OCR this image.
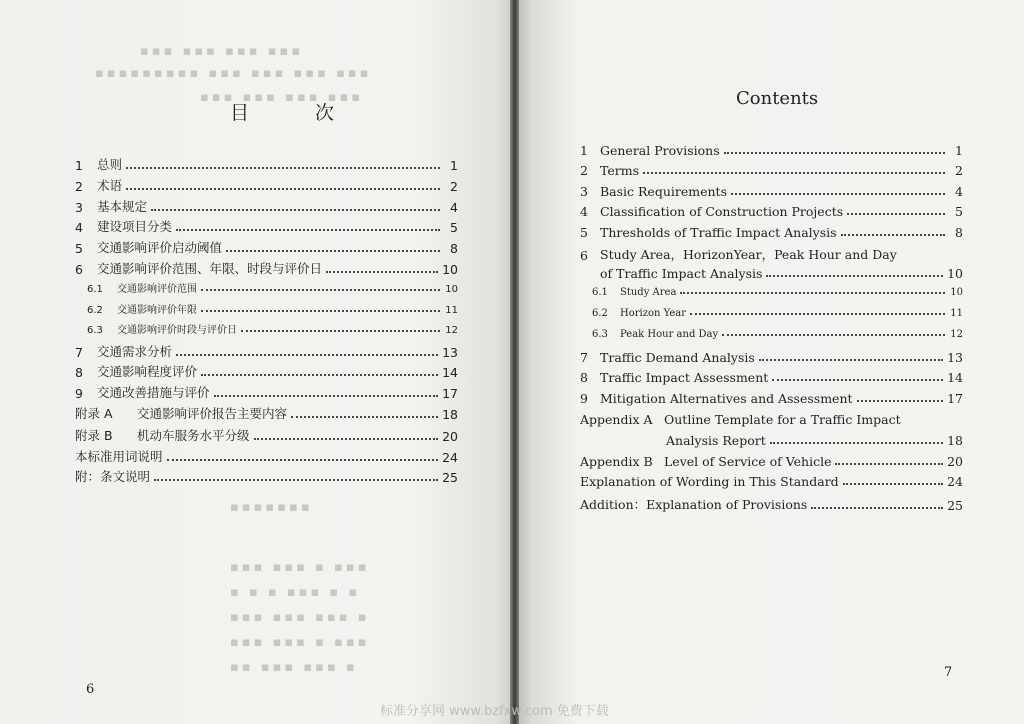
▪▪▪ ▪▪▪ ▪▪▪ ▪▪▪
▪▪▪▪▪▪▪▪▪ ▪▪▪ ▪▪▪ ▪▪▪ ▪▪▪
▪▪▪ ▪▪▪ ▪▪▪ ▪▪▪
▪▪▪▪▪▪▪
▪▪▪ ▪▪▪ ▪ ▪▪▪
▪ ▪ ▪ ▪▪▪ ▪ ▪
▪▪▪ ▪▪▪ ▪▪▪ ▪
▪▪▪ ▪▪▪ ▪ ▪▪▪
▪▪ ▪▪▪ ▪▪▪ ▪
目 次
1	总则	1
2	术语	2
3	基本规定	4
4	建设项目分类	5
5	交通影响评价启动阈值	8
6	交通影响评价范围、年限、时段与评价日	10
6.1	交通影响评价范围	10
6.2	交通影响评价年限	11
6.3	交通影响评价时段与评价日	12
7	交通需求分析	13
8	交通影响程度评价	14
9	交通改善措施与评价	17
附录 A	交通影响评价报告主要内容	18
附录 B	机动车服务水平分级	20
本标准用词说明	24
附：条文说明	25
6
Contents
1 General Provisions	1
2 Terms	2
3 Basic Requirements	4
4 Classification of Construction Projects	5
5 Thresholds of Traffic Impact Analysis	8
6 Study Area，HorizonYear，Peak Hour and Day
of Traffic Impact Analysis	10
6.1	Study Area	10
6.2	Horizon Year	11
6.3	Peak Hour and Day	12
7 Traffic Demand Analysis	13
8 Traffic Impact Assessment	14
9 Mitigation Alternatives and Assessment	17
Appendix A Outline Template for a Traffic Impact
Analysis Report	18
Appendix B Level of Service of Vehicle	20
Explanation of Wording in This Standard	24
Addition：Explanation of Provisions	25
7
标准分享网 www.bzfxw.com 免费下载
